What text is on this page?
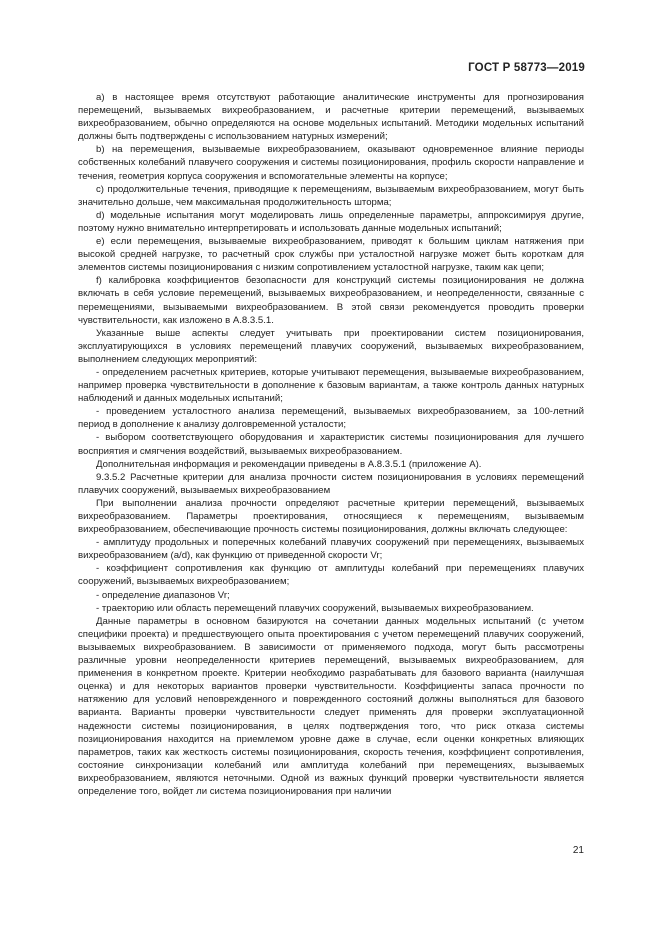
ГОСТ Р 58773—2019

a) в настоящее время отсутствуют работающие аналитические инструменты для прогнозирования перемещений, вызываемых вихреобразованием, и расчетные критерии перемещений, вызываемых вихреобразованием, обычно определяются на основе модельных испытаний. Методики модельных испытаний должны быть подтверждены с использованием натурных измерений;

b) на перемещения, вызываемые вихреобразованием, оказывают одновременное влияние периоды собственных колебаний плавучего сооружения и системы позиционирования, профиль скорости направление и течения, геометрия корпуса сооружения и вспомогательные элементы на корпусе;

c) продолжительные течения, приводящие к перемещениям, вызываемым вихреобразованием, могут быть значительно дольше, чем максимальная продолжительность шторма;

d) модельные испытания могут моделировать лишь определенные параметры, аппроксимируя другие, поэтому нужно внимательно интерпретировать и использовать данные модельных испытаний;

e) если перемещения, вызываемые вихреобразованием, приводят к большим циклам натяжения при высокой средней нагрузке, то расчетный срок службы при усталостной нагрузке может быть короткам для элементов системы позиционирования с низким сопротивлением усталостной нагрузке, таким как цепи;

f) калибровка коэффициентов безопасности для конструкций системы позиционирования не должна включать в себя условие перемещений, вызываемых вихреобразованием, и неопределенности, связанные с перемещениями, вызываемыми вихреобразованием. В этой связи рекомендуется проводить проверки чувствительности, как изложено в А.8.3.5.1.

Указанные выше аспекты следует учитывать при проектировании систем позиционирования, эксплуатирующихся в условиях перемещений плавучих сооружений, вызываемых вихреобразованием, выполнением следующих мероприятий:

- определением расчетных критериев, которые учитывают перемещения, вызываемые вихреобразованием, например проверка чувствительности в дополнение к базовым вариантам, а также контроль данных натурных наблюдений и данных модельных испытаний;

- проведением усталостного анализа перемещений, вызываемых вихреобразованием, за 100-летний период в дополнение к анализу долговременной усталости;

- выбором соответствующего оборудования и характеристик системы позиционирования для лучшего восприятия и смягчения воздействий, вызываемых вихреобразованием.

Дополнительная информация и рекомендации приведены в А.8.3.5.1 (приложение А).

9.3.5.2 Расчетные критерии для анализа прочности систем позиционирования в условиях перемещений плавучих сооружений, вызываемых вихреобразованием

При выполнении анализа прочности определяют расчетные критерии перемещений, вызываемых вихреобразованием. Параметры проектирования, относящиеся к перемещениям, вызываемым вихреобразованием, обеспечивающие прочность системы позиционирования, должны включать следующее:

- амплитуду продольных и поперечных колебаний плавучих сооружений при перемещениях, вызываемых вихреобразованием (a/d), как функцию от приведенной скорости Vr;

- коэффициент сопротивления как функцию от амплитуды колебаний при перемещениях плавучих сооружений, вызываемых вихреобразованием;

- определение диапазонов Vr;

- траекторию или область перемещений плавучих сооружений, вызываемых вихреобразованием.

Данные параметры в основном базируются на сочетании данных модельных испытаний (с учетом специфики проекта) и предшествующего опыта проектирования с учетом перемещений плавучих сооружений, вызываемых вихреобразованием. В зависимости от применяемого подхода, могут быть рассмотрены различные уровни неопределенности критериев перемещений, вызываемых вихреобразованием, для применения в конкретном проекте. Критерии необходимо разрабатывать для базового варианта (наилучшая оценка) и для некоторых вариантов проверки чувствительности. Коэффициенты запаса прочности по натяжению для условий неповрежденного и поврежденного состояний должны выполняться для базового варианта. Варианты проверки чувствительности следует применять для проверки эксплуатационной надежности системы позиционирования, в целях подтверждения того, что риск отказа системы позиционирования находится на приемлемом уровне даже в случае, если оценки конкретных влияющих параметров, таких как жесткость системы позиционирования, скорость течения, коэффициент сопротивления, состояние синхронизации колебаний или амплитуда колебаний при перемещениях, вызываемых вихреобразованием, являются неточными. Одной из важных функций проверки чувствительности является определение того, войдет ли система позиционирования при наличии

21
